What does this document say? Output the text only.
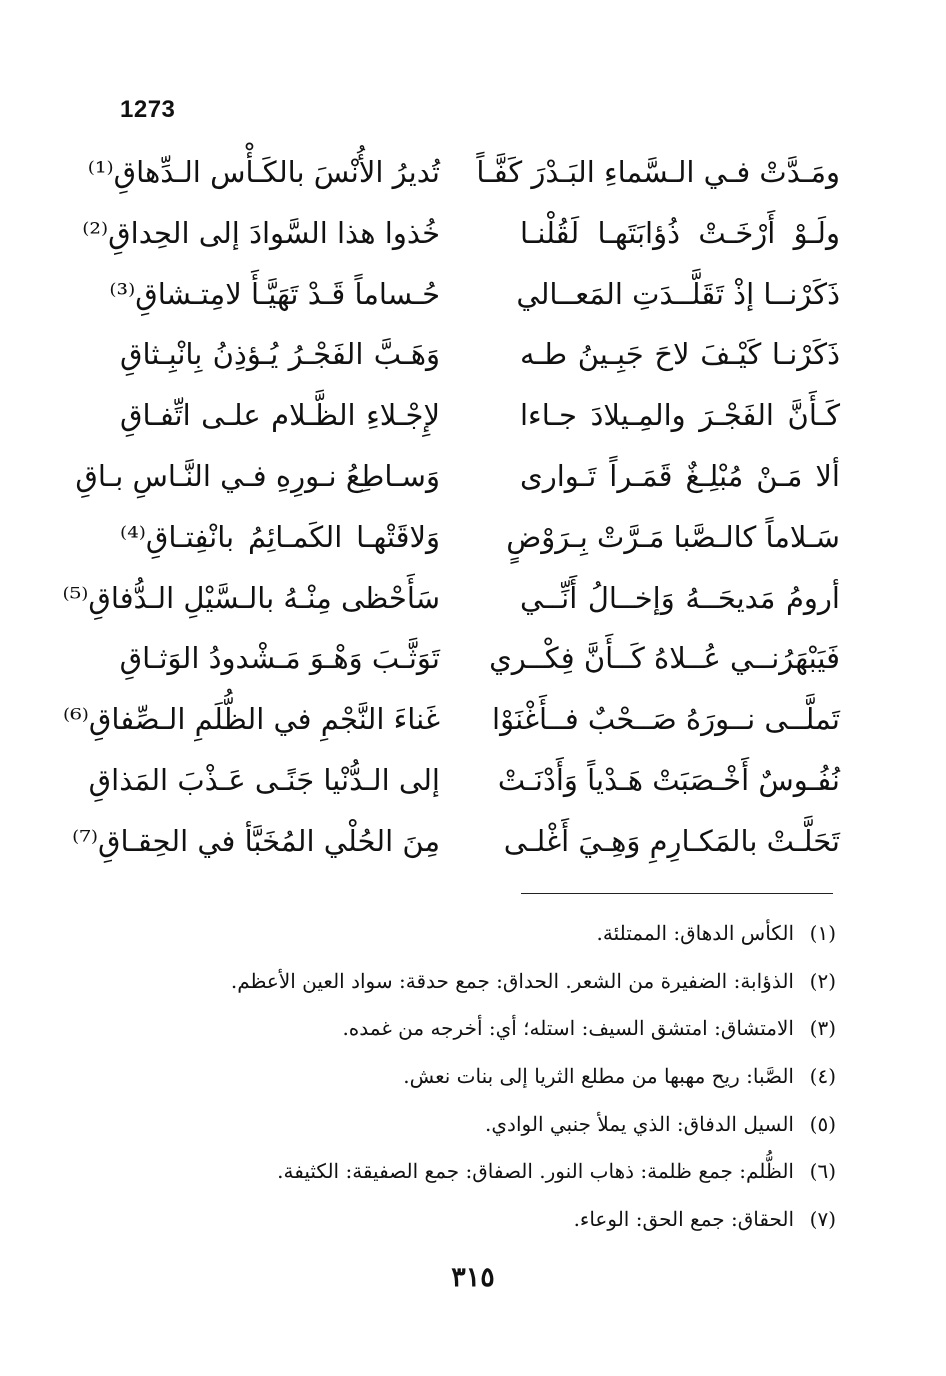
1273
ومَـدَّتْ فـي الـسَّماءِ البَـدْرَ كَفَّـاً
تُديرُ الأُنْسَ بالكَـأْس الـدِّهاقِ⁽¹⁾
ولَـوْ أَرْخَـتْ ذُؤابَتَهـا لَقُلْنـا
خُذوا هذا السَّوادَ إلى الحِداقِ⁽²⁾
ذَكَرْنــا إذْ تَقَلَّــدَتِ المَعــالي
حُـساماً قَـدْ تَهَيَّـأَ لامِتـشاقِ⁽³⁾
ذَكَرْنـا كَيْـفَ لاحَ جَبِـينُ طـه
وَهَـبَّ الفَجْـرُ يُـؤذِنُ بِانْبِـثاقِ
كَـأَنَّ الفَجْـرَ والمِـيلادَ جـاءا
لإِجْـلاءِ الظَّـلام علـى اتِّفـاقِ
ألا مَـنْ مُبْلِـغٌ قَمَـراً تَـوارى
وَسـاطِعُ نـورِهِ فـي النَّـاسِ بـاقِ
سَـلاماً كالـصَّبا مَـرَّتْ بِـرَوْضٍ
وَلاقَتْهـا الكَمـائِمُ بانْفِتـاقِ⁽⁴⁾
أرومُ مَديحَــهُ وَإخــالُ أَنِّــي
سَأَحْظى مِنْـهُ بالـسَّيْلِ الـدُّفاقِ⁽⁵⁾
فَيَبْهَرُنــي عُــلاهُ كَــأَنَّ فِكْــري
تَوَثَّـبَ وَهْـوَ مَـشْدودُ الوَثـاقِ
تَملَّــى نــورَهُ صَــحْبٌ فــأَغْنَوْا
غَناءَ النَّجْمِ في الظُّلَمِ الـصِّفاقِ⁽⁶⁾
نُفُـوسٌ أَخْـصَبَتْ هَـدْياً وَأَدْنَـتْ
إلى الـدُّنْيا جَنًـى عَـذْبَ المَذاقِ
تَحَلَّـتْ بالمَكـارِمِ وَهِـيَ أَغْلـى
مِنَ الحُلْي المُخَبَّأ في الحِقـاقِ⁽⁷⁾
(١)
الكأس الدهاق: الممتلئة.
(٢)
الذؤابة: الضفيرة من الشعر. الحداق: جمع حدقة: سواد العين الأعظم.
(٣)
الامتشاق: امتشق السيف: استله؛ أي: أخرجه من غمده.
(٤)
الصَّبا: ريح مهبها من مطلع الثريا إلى بنات نعش.
(٥)
السيل الدفاق: الذي يملأ جنبي الوادي.
(٦)
الظُّلم: جمع ظلمة: ذهاب النور. الصفاق: جمع الصفيقة: الكثيفة.
(٧)
الحقاق: جمع الحق: الوعاء.
٣١٥
